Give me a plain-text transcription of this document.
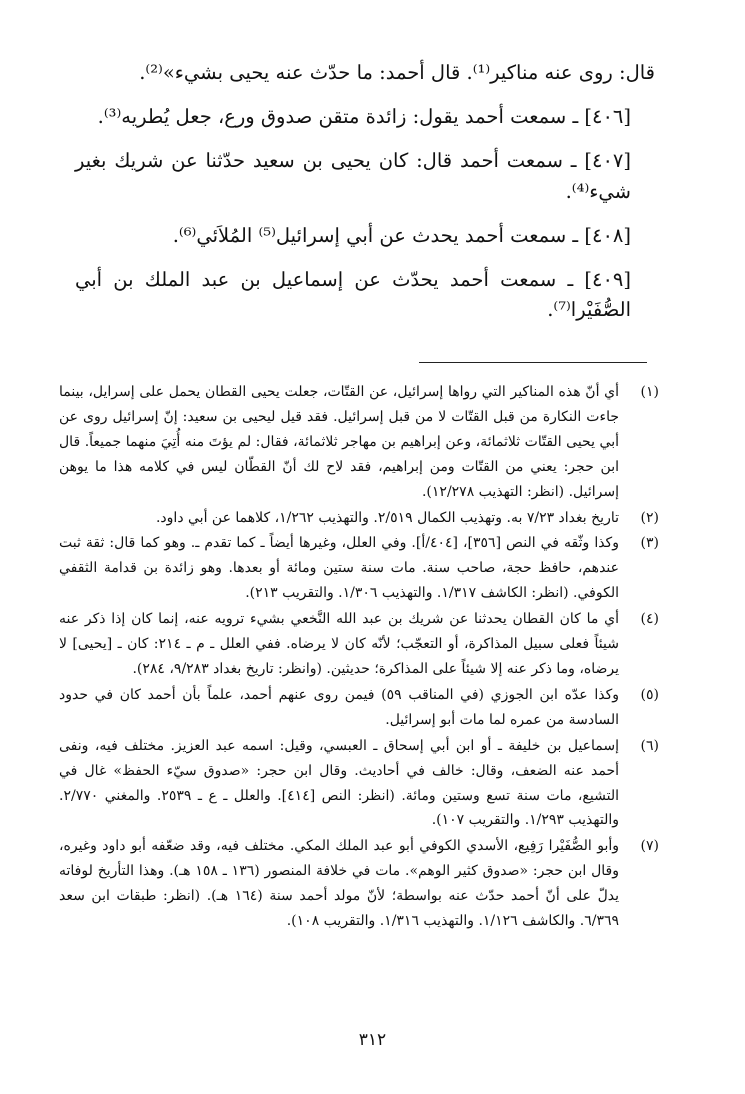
قال: روى عنه مناكير⁽¹⁾. قال أحمد: ما حدّث عنه يحيى بشيء»⁽²⁾.

[٤٠٦] ـ سمعت أحمد يقول: زائدة متقن صدوق ورع، جعل يُطريه⁽³⁾.

[٤٠٧] ـ سمعت أحمد قال: كان يحيى بن سعيد حدّثنا عن شريك بغير شيء⁽⁴⁾.

[٤٠٨] ـ سمعت أحمد يحدث عن أبي إسرائيل⁽⁵⁾ المُلاَئي⁽⁶⁾.

[٤٠٩] ـ سمعت أحمد يحدّث عن إسماعيل بن عبد الملك بن أبي الصُّفَيْرا⁽⁷⁾.

(١)
أي أنّ هذه المناكير التي رواها إسرائيل، عن القتّات، جعلت يحيى القطان يحمل على إسرايل، بينما جاءت النكارة من قبل القتّات لا من قبل إسرائيل. فقد قيل ليحيى بن سعيد: إنّ إسرائيل روى عن أبي يحيى القتّات ثلاثمائة، وعن إبراهيم بن مهاجر ثلاثمائة، فقال: لم يؤتَ منه أُتِيَ منهما جميعاً. قال ابن حجر: يعني من القتّات ومن إبراهيم، فقد لاح لك أنّ القطّان ليس في كلامه هذا ما يوهن إسرائيل. (انظر: التهذيب ١٢/٢٧٨).
(٢)
تاريخ بغداد ٧/٢٣ به. وتهذيب الكمال ٢/٥١٩. والتهذيب ١/٢٦٢، كلاهما عن أبي داود.
(٣)
وكذا وثّقه في النص [٣٥٦]، [٤٠٤/أ]. وفي العلل، وغيرها أيضاً ـ كما تقدم ـ. وهو كما قال: ثقة ثبت عندهم، حافظ حجة، صاحب سنة. مات سنة ستين ومائة أو بعدها. وهو زائدة بن قدامة الثقفي الكوفي. (انظر: الكاشف ١/٣١٧. والتهذيب ١/٣٠٦. والتقريب ٢١٣).
(٤)
أي ما كان القطان يحدثنا عن شريك بن عبد الله النَّخعي بشيء ترويه عنه، إنما كان إذا ذكر عنه شيئاً فعلى سبيل المذاكرة، أو التعجّب؛ لأنّه كان لا يرضاه. ففي العلل ـ م ـ ٢١٤: كان ـ [يحيى] لا يرضاه، وما ذكر عنه إلا شيئاً على المذاكرة؛ حديثين. (وانظر: تاريخ بغداد ٩/٢٨٣، ٢٨٤).
(٥)
وكذا عدّه ابن الجوزي (في المناقب ٥٩) فيمن روى عنهم أحمد، علماً بأن أحمد كان في حدود السادسة من عمره لما مات أبو إسرائيل.
(٦)
إسماعيل بن خليفة ـ أو ابن أبي إسحاق ـ العبسي، وقيل: اسمه عبد العزيز. مختلف فيه، ونفى أحمد عنه الضعف، وقال: خالف في أحاديث. وقال ابن حجر: «صدوق سيّء الحفظ» غال في التشيع، مات سنة تسع وستين ومائة. (انظر: النص [٤١٤]. والعلل ـ ع ـ ٢٥٣٩. والمغني ٢/٧٧٠. والتهذيب ١/٢٩٣. والتقريب ١٠٧).
(٧)
وأبو الصُّفَيْرا رَفِيع، الأسدي الكوفي أبو عبد الملك المكي. مختلف فيه، وقد ضعّفه أبو داود وغيره، وقال ابن حجر: «صدوق كثير الوهم». مات في خلافة المنصور (١٣٦ ـ ١٥٨ هـ). وهذا التأريخ لوفاته يدلّ على أنّ أحمد حدّث عنه بواسطة؛ لأنّ مولد أحمد سنة (١٦٤ هـ). (انظر: طبقات ابن سعد ٦/٣٦٩. والكاشف ١/١٢٦. والتهذيب ١/٣١٦. والتقريب ١٠٨).
٣١٢
